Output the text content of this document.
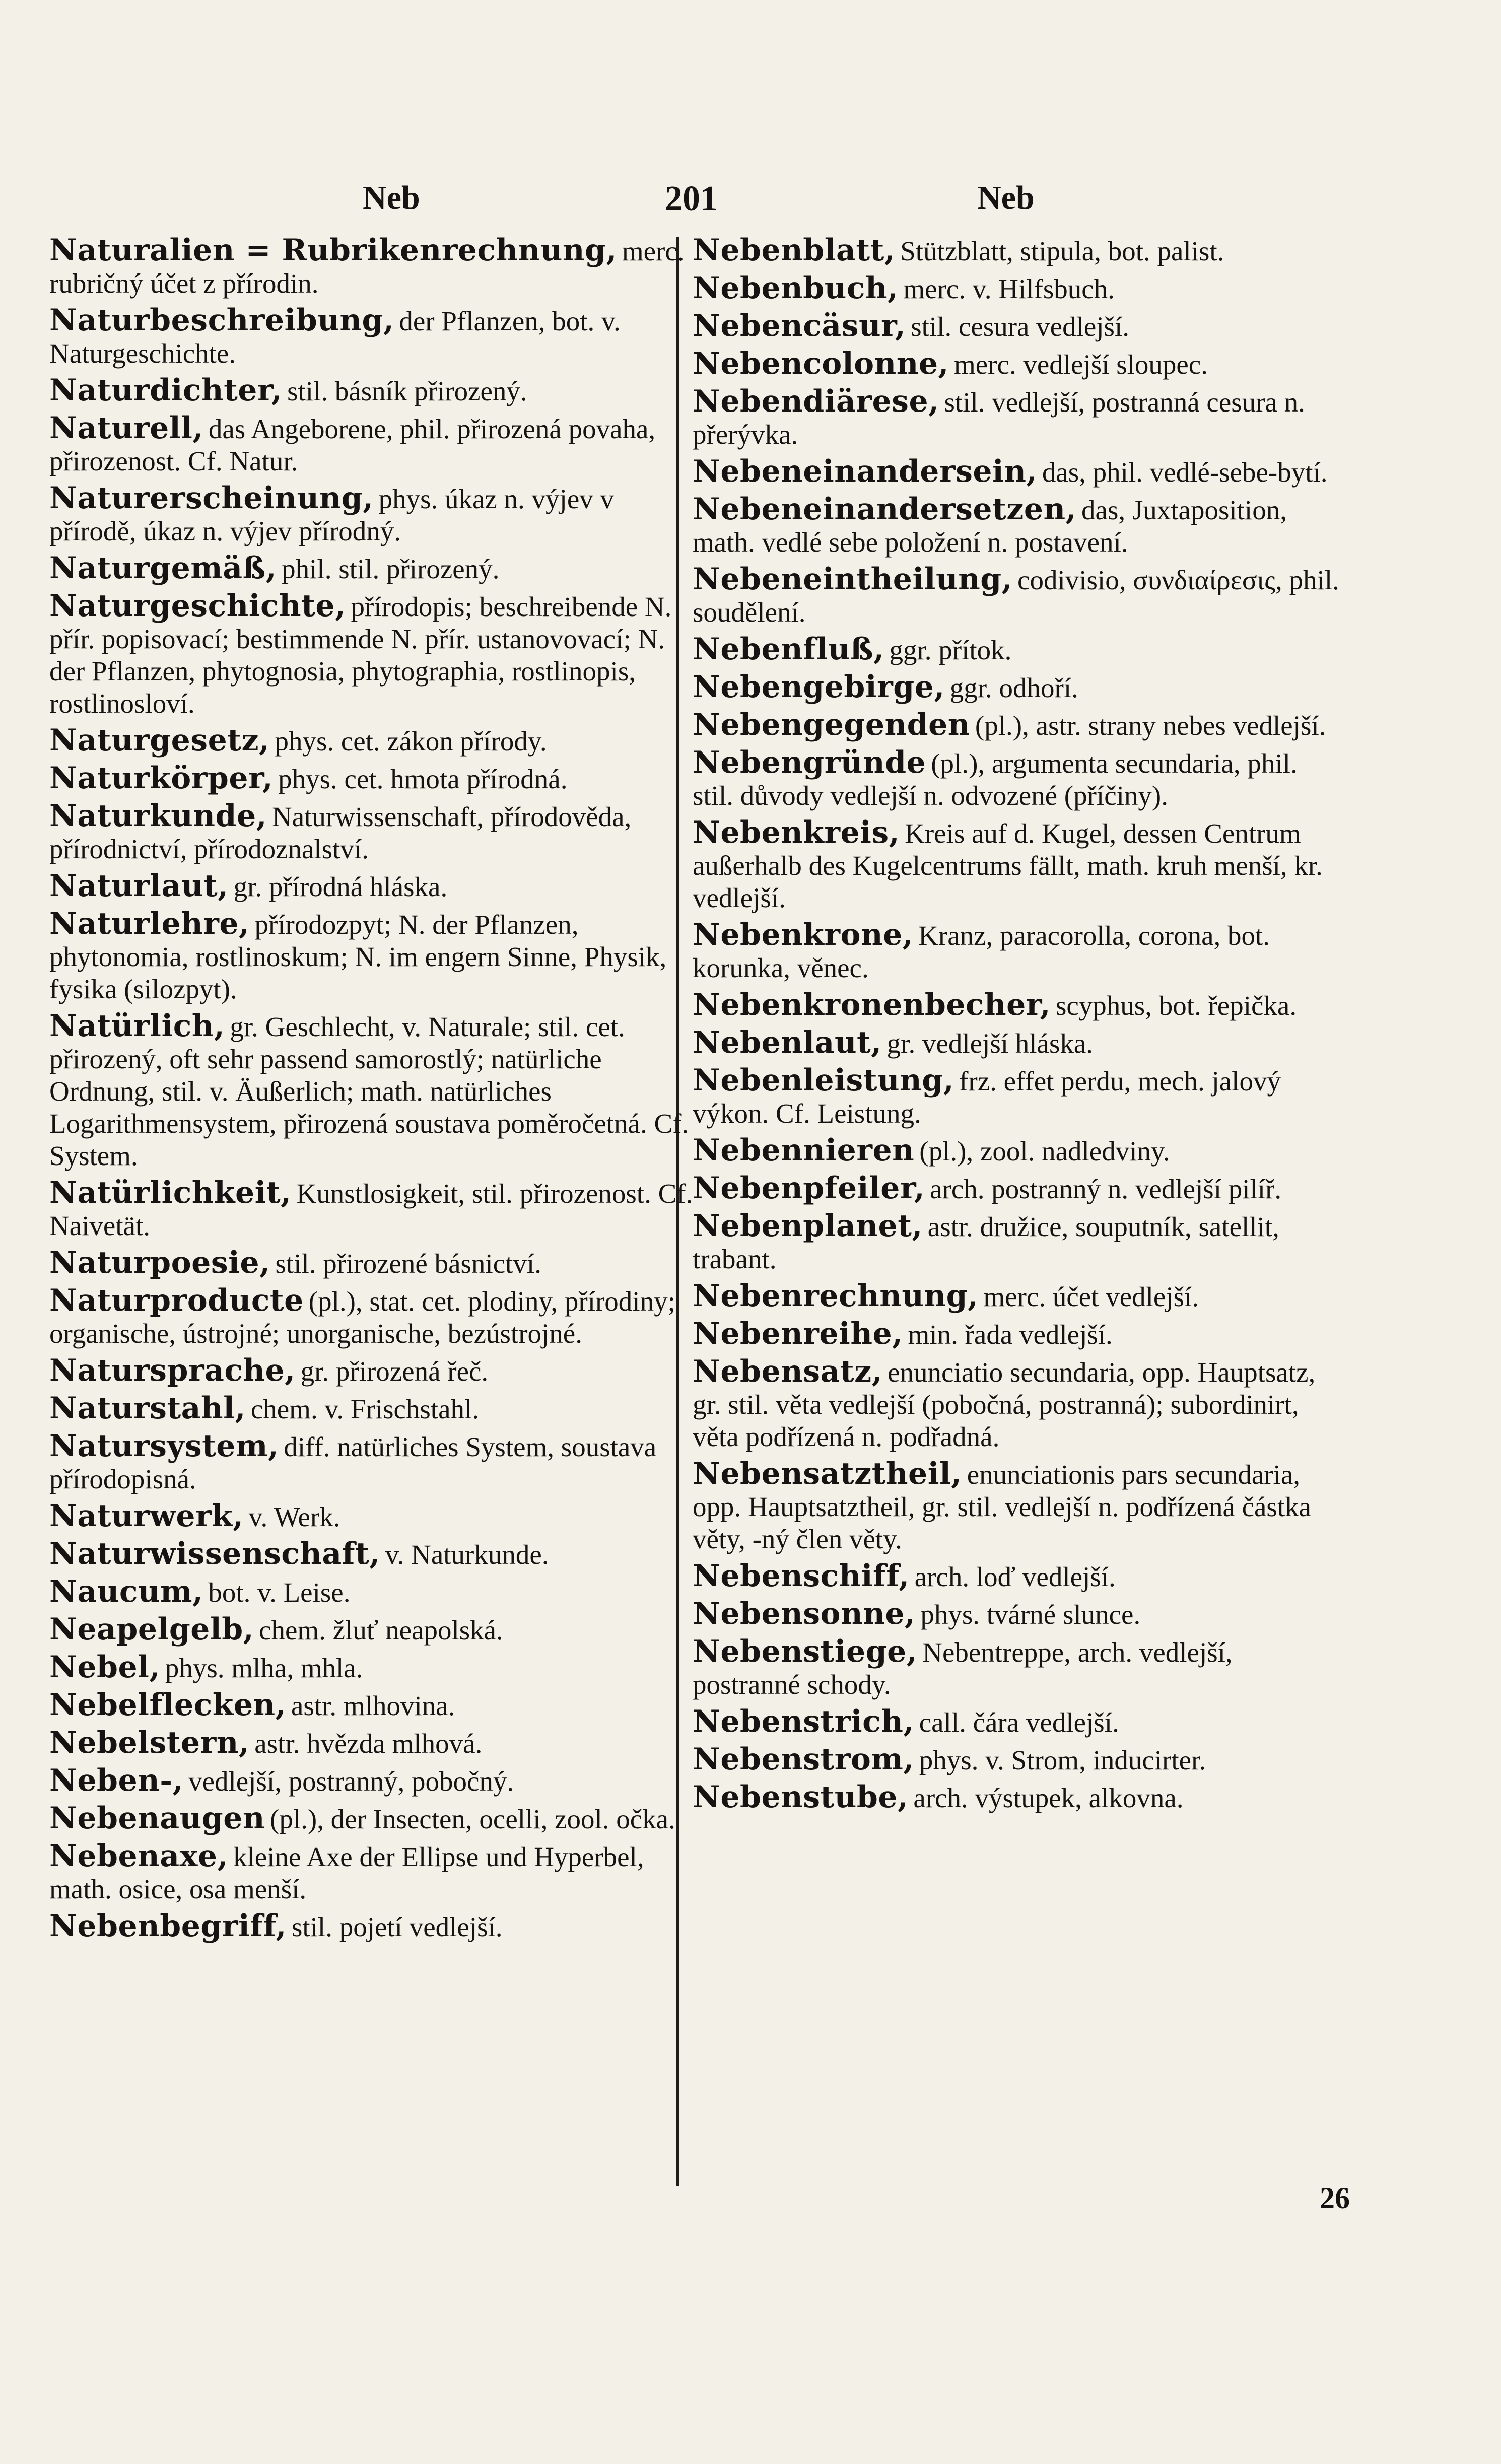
Neb	201	Neb
Naturalien = Rubrikenrechnung, merc. rubričný účet z přírodin.
Naturbeschreibung, der Pflanzen, bot. v. Naturgeschichte.
Naturdichter, stil. básník přirozený.
Naturell, das Angeborene, phil. přirozená povaha, přirozenost. Cf. Natur.
Naturerscheinung, phys. úkaz n. výjev v přírodě, úkaz n. výjev přírodný.
Naturgemäß, phil. stil. přirozený.
Naturgeschichte, přírodopis; beschreibende N. přír. popisovací; bestimmende N. přír. ustanovovací; N. der Pflanzen, phytognosia, phytographia, rostlinopis, rostlinosloví.
Naturgesetz, phys. cet. zákon přírody.
Naturkörper, phys. cet. hmota přírodná.
Naturkunde, Naturwissenschaft, přírodověda, přírodnictví, přírodoznalství.
Naturlaut, gr. přírodná hláska.
Naturlehre, přírodozpyt; N. der Pflanzen, phytonomia, rostlinoskum; N. im engern Sinne, Physik, fysika (silozpyt).
Natürlich, gr. Geschlecht, v. Naturale; stil. cet. přirozený, oft sehr passend samorostlý; natürliche Ordnung, stil. v. Äußerlich; math. natürliches Logarithmensystem, přirozená soustava poměročetná. Cf. System.
Natürlichkeit, Kunstlosigkeit, stil. přirozenost. Cf. Naivetät.
Naturpoesie, stil. přirozené básnictví.
Naturproducte (pl.), stat. cet. plodiny, přírodiny; organische, ústrojné; unorganische, bezústrojné.
Natursprache, gr. přirozená řeč.
Naturstahl, chem. v. Frischstahl.
Natursystem, diff. natürliches System, soustava přírodopisná.
Naturwerk, v. Werk.
Naturwissenschaft, v. Naturkunde.
Naucum, bot. v. Leise.
Neapelgelb, chem. žluť neapolská.
Nebel, phys. mlha, mhla.
Nebelflecken, astr. mlhovina.
Nebelstern, astr. hvězda mlhová.
Neben-, vedlejší, postranný, pobočný.
Nebenaugen (pl.), der Insecten, ocelli, zool. očka.
Nebenaxe, kleine Axe der Ellipse und Hyperbel, math. osice, osa menší.
Nebenbegriff, stil. pojetí vedlejší.
Nebenblatt, Stützblatt, stipula, bot. palist.
Nebenbuch, merc. v. Hilfsbuch.
Nebencäsur, stil. cesura vedlejší.
Nebencolonne, merc. vedlejší sloupec.
Nebendiärese, stil. vedlejší, postranná cesura n. přerývka.
Nebeneinandersein, das, phil. vedlé-sebe-bytí.
Nebeneinandersetzen, das, Juxtaposition, math. vedlé sebe položení n. postavení.
Nebeneintheilung, codivisio, συνδιαίρεσις, phil. soudělení.
Nebenfluß, ggr. přítok.
Nebengebirge, ggr. odhoří.
Nebengegenden (pl.), astr. strany nebes vedlejší.
Nebengründe (pl.), argumenta secundaria, phil. stil. důvody vedlejší n. odvozené (příčiny).
Nebenkreis, Kreis auf d. Kugel, dessen Centrum außerhalb des Kugelcentrums fällt, math. kruh menší, kr. vedlejší.
Nebenkrone, Kranz, paracorolla, corona, bot. korunka, věnec.
Nebenkronenbecher, scyphus, bot. řepička.
Nebenlaut, gr. vedlejší hláska.
Nebenleistung, frz. effet perdu, mech. jalový výkon. Cf. Leistung.
Nebennieren (pl.), zool. nadledviny.
Nebenpfeiler, arch. postranný n. vedlejší pilíř.
Nebenplanet, astr. družice, souputník, satellit, trabant.
Nebenrechnung, merc. účet vedlejší.
Nebenreihe, min. řada vedlejší.
Nebensatz, enunciatio secundaria, opp. Hauptsatz, gr. stil. věta vedlejší (pobočná, postranná); subordinirt, věta podřízená n. podřadná.
Nebensatztheil, enunciationis pars secundaria, opp. Hauptsatztheil, gr. stil. vedlejší n. podřízená částka věty, -ný člen věty.
Nebenschiff, arch. loď vedlejší.
Nebensonne, phys. tvárné slunce.
Nebenstiege, Nebentreppe, arch. vedlejší, postranné schody.
Nebenstrich, call. čára vedlejší.
Nebenstrom, phys. v. Strom, inducirter.
Nebenstube, arch. výstupek, alkovna.
26
